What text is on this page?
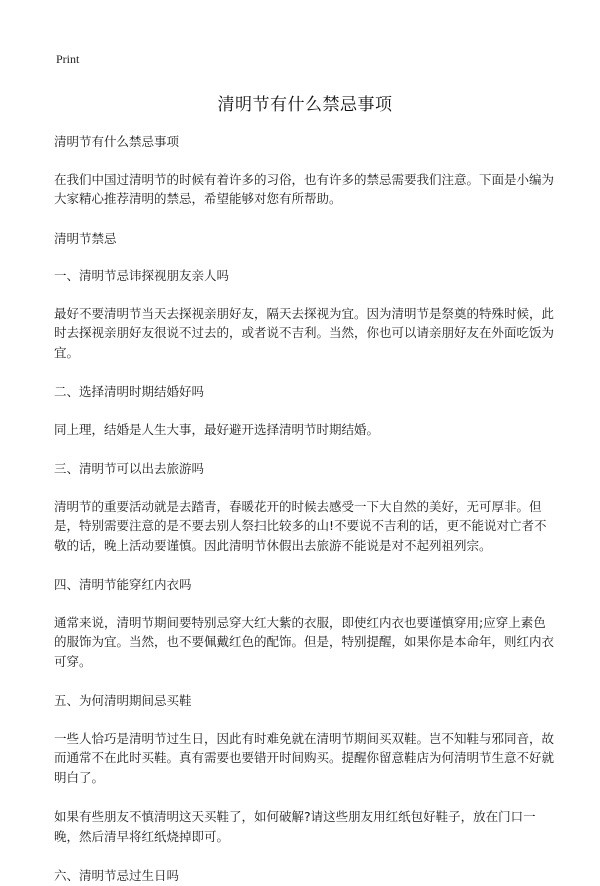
Print
清明节有什么禁忌事项
清明节有什么禁忌事项
在我们中国过清明节的时候有着许多的习俗，也有许多的禁忌需要我们注意。下面是小编为大家精心推荐清明的禁忌，希望能够对您有所帮助。
清明节禁忌
一、清明节忌讳探视朋友亲人吗
最好不要清明节当天去探视亲朋好友，隔天去探视为宜。因为清明节是祭奠的特殊时候，此时去探视亲朋好友很说不过去的，或者说不吉利。当然，你也可以请亲朋好友在外面吃饭为宜。
二、选择清明时期结婚好吗
同上理，结婚是人生大事，最好避开选择清明节时期结婚。
三、清明节可以出去旅游吗
清明节的重要活动就是去踏青，春暖花开的时候去感受一下大自然的美好，无可厚非。但是，特别需要注意的是不要去别人祭扫比较多的山!不要说不吉利的话，更不能说对亡者不敬的话，晚上活动要谨慎。因此清明节休假出去旅游不能说是对不起列祖列宗。
四、清明节能穿红内衣吗
通常来说，清明节期间要特别忌穿大红大紫的衣服，即使红内衣也要谨慎穿用;应穿上素色的服饰为宜。当然，也不要佩戴红色的配饰。但是，特别提醒，如果你是本命年，则红内衣可穿。
五、为何清明期间忌买鞋
一些人恰巧是清明节过生日，因此有时难免就在清明节期间买双鞋。岂不知鞋与邪同音，故而通常不在此时买鞋。真有需要也要错开时间购买。提醒你留意鞋店为何清明节生意不好就明白了。
如果有些朋友不慎清明这天买鞋了，如何破解?请这些朋友用红纸包好鞋子，放在门口一晚，然后清早将红纸烧掉即可。
六、清明节忌过生日吗
